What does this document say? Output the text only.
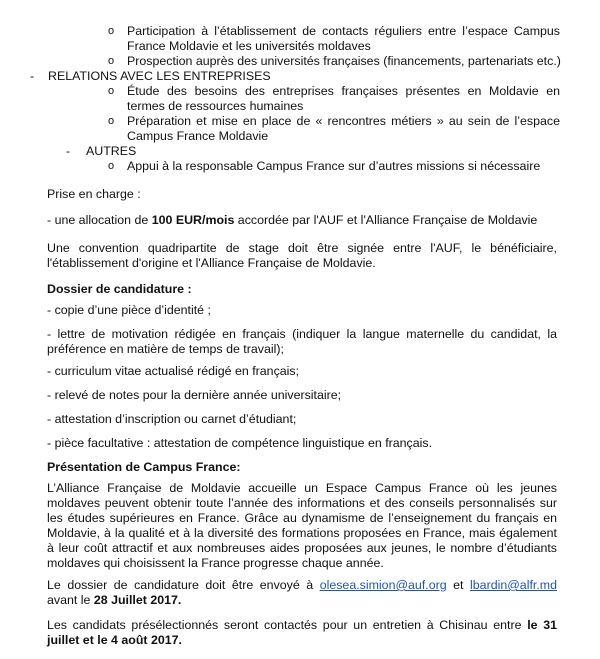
o Participation à l’établissement de contacts réguliers entre l’espace Campus France Moldavie et les universités moldaves
o Prospection auprès des universités françaises (financements, partenariats etc.)
- RELATIONS AVEC LES ENTREPRISES
o Étude des besoins des entreprises françaises présentes en Moldavie en termes de ressources humaines
o Préparation et mise en place de « rencontres métiers » au sein de l’espace Campus France Moldavie
- AUTRES
o Appui à la responsable Campus France sur d’autres missions si nécessaire
Prise en charge :
- une allocation de 100 EUR/mois accordée par l'AUF et l'Alliance Française de Moldavie
Une convention quadripartite de stage doit être signée entre l'AUF, le bénéficiaire, l'établissement d'origine et l'Alliance Française de Moldavie.
Dossier de candidature :
- copie d’une pièce d’identité ;
- lettre de motivation rédigée en français (indiquer la langue maternelle du candidat, la préférence en matière de temps de travail);
- curriculum vitae actualisé rédigé en français;
- relevé de notes pour la dernière année universitaire;
- attestation d’inscription ou carnet d’étudiant;
- pièce facultative : attestation de compétence linguistique en français.
Présentation de Campus France:
L’Alliance Française de Moldavie accueille un Espace Campus France où les jeunes moldaves peuvent obtenir toute l’année des informations et des conseils personnalisés sur les études supérieures en France. Grâce au dynamisme de l’enseignement du français en Moldavie, à la qualité et à la diversité des formations proposées en France, mais également à leur coût attractif et aux nombreuses aides proposées aux jeunes, le nombre d’étudiants moldaves qui choisissent la France progresse chaque année.
Le dossier de candidature doit être envoyé à olesea.simion@auf.org et lbardin@alfr.md avant le 28 Juillet 2017.
Les candidats présélectionnés seront contactés pour un entretien à Chisinau entre le 31 juillet et le 4 août 2017.
